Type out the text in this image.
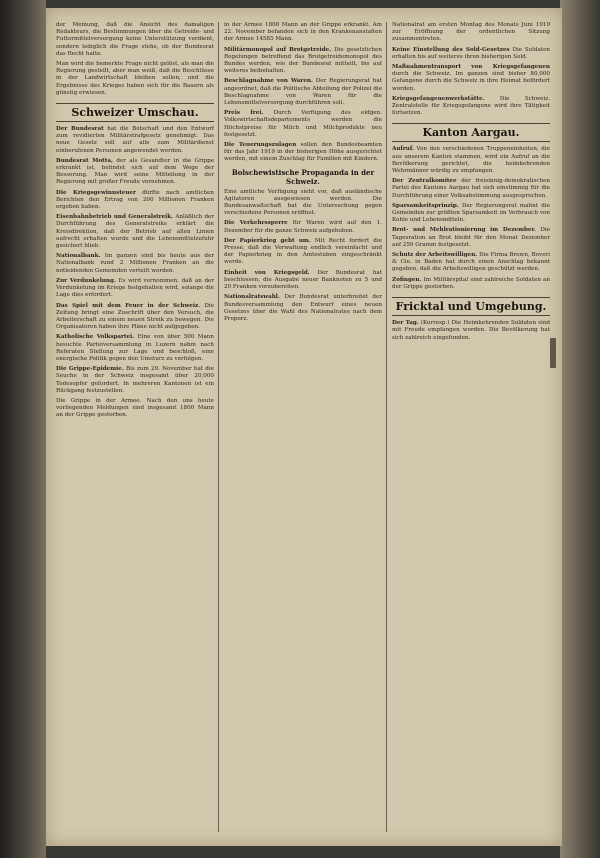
der Meinung, daß die Ansicht des damaligen Redakteurs, die Bestimmungen über die Getreide- und Futtermittelversorgung keine Unterstützung verdient, sondern lediglich die Frage stehe, ob der Bundesrat das Recht hatte.

Man wird die bemerkte Frage nicht gelöst, als man die Regierung gestellt, aber man weiß, daß die Beschlüsse in der Landwirtschaft bleiben sollen, und die Ergebnisse des Krieges haben sich für die Bauern als günstig erwiesen.

Schweizer Umschau.

Der Bundesrat hat die Botschaft und den Entwurf zum revidierten Militärstrafgesetz genehmigt. Das neue Gesetz soll auf alle zum Militärdienst einberufenen Personen angewendet werden.

Bundesrat Motta, der als Gesandter in die Grippe erkrankt ist, befindet sich auf dem Wege der Besserung. Man wird seine Mitteilung in der Regierung mit großer Freude vernehmen.

Die Kriegsgewinnsteuer dürfte nach amtlichen Berichten den Ertrag von 200 Millionen Franken ergeben haben.

Eisenbahnbetrieb und Generalstreik. Anläßlich der Durchführung des Generalstreiks erklärt die Kreisdirektion, daß der Betrieb auf allen Linien aufrecht erhalten wurde und die Lebensmittelzufuhr gesichert blieb.

Nationalbank. Im ganzen sind bis heute aus der Nationalbank rund 2 Millionen Franken an die notleidenden Gemeinden verteilt worden.

Zur Verdunkelung. Es wird vernommen, daß an der Verdunkelung im Kriege festgehalten wird, solange die Lage dies erfordert.

Das Spiel mit dem Feuer in der Schweiz. Die Zeitung bringt eine Zuschrift über den Versuch, die Arbeiterschaft zu einem neuen Streik zu bewegen. Die Organisatoren haben ihre Pläne nicht aufgegeben.

Katholische Volkspartei. Eine von über 500 Mann besuchte Parteiversammlung in Luzern nahm nach Referaten Stellung zur Lage und beschloß, eine energische Politik gegen den Umsturz zu verfolgen.

Die Grippe-Epidemie. Bis zum 29. November hat die Seuche in der Schweiz insgesamt über 20,000 Todesopfer gefordert. In mehreren Kantonen ist ein Rückgang festzustellen.

Die Grippe in der Armee. Nach den uns heute vorliegenden Meldungen sind insgesamt 1800 Mann an der Grippe gestorben.

in der Armee 1800 Mann an der Grippe erkrankt. Am 22. November befanden sich in den Krankenanstalten der Armee 14585 Mann.

Militärmonopol auf Brotgetreide. Die gesetzlichen Regelungen betreffend das Brotgetreidemonopol des Bundes werden, wie der Bundesrat mitteilt, bis auf weiteres beibehalten.

Beschlagnahme von Waren. Der Regierungsrat hat angeordnet, daß die Politische Abteilung der Polizei die Beschlagnahme von Waren für die Lebensmittelversorgung durchführen soll.

Preis frei. Durch Verfügung des eidgen. Volkswirtschaftsdepartements werden die Höchstpreise für Milch und Milchprodukte neu festgesetzt.

Die Teuerungszulagen sollen den Bundesbeamten für das Jahr 1919 in der bisherigen Höhe ausgerichtet werden, mit einem Zuschlag für Familien mit Kindern.

Bolschewistische Propaganda in der Schweiz.

Eine amtliche Verfügung sieht vor, daß ausländische Agitatoren ausgewiesen werden. Die Bundesanwaltschaft hat die Untersuchung gegen verschiedene Personen eröffnet.

Die Verkehrssperre für Waren wird auf den 1. Dezember für die ganze Schweiz aufgehoben.

Der Papierkrieg geht um. Mit Recht fordert die Presse, daß die Verwaltung endlich vereinfacht und der Papierkrieg in den Amtsstuben eingeschränkt werde.

Einheit von Kriegsgeld. Der Bundesrat hat beschlossen, die Ausgabe neuer Banknoten zu 5 und 20 Franken vorzubereiten.

Nationalratswahl. Der Bundesrat unterbreitet der Bundesversammlung den Entwurf eines neuen Gesetzes über die Wahl des Nationalrates nach dem Proporz.

Nationalrat am ersten Montag des Monats Juni 1919 zur Eröffnung der ordentlichen Sitzung zusammentreten.

Keine Einstellung des Sold-Gesetzes Die Soldaten erhalten bis auf weiteres ihren bisherigen Sold.

Maßnahmentransport von Kriegsgefangenen durch die Schweiz. Im ganzen sind bisher 80,000 Gefangene durch die Schweiz in ihre Heimat befördert worden.

Kriegsgefangenenwerkstätte.	Die Schweiz. Zentralstelle für Kriegsgefangene wird ihre Tätigkeit fortsetzen.

Kanton Aargau.

Aufruf. Von den verschiedenen Truppeneinheiten, die aus unserem Kanton stammen, wird ein Aufruf an die Bevölkerung gerichtet, die heimkehrenden Wehrmänner würdig zu empfangen.

Der Zentralkomitee der freisinnig-demokratischen Partei des Kantons Aargau hat sich einstimmig für die Durchführung einer Volksabstimmung ausgesprochen.

Sparsamkeitsprinzip. Der Regierungsrat mahnt die Gemeinden zur größten Sparsamkeit im Verbrauch von Kohle und Lebensmitteln.

Brot- und Mehlrationierung im Dezember. Die Tagesration an Brot bleibt für den Monat Dezember auf 250 Gramm festgesetzt.

Schutz der Arbeitswilligen. Die Firma Brown, Boveri & Cie. in Baden hat durch einen Anschlag bekannt gegeben, daß die Arbeitswilligen geschützt werden.

Zofingen. Im Militärspital sind zahlreiche Soldaten an der Grippe gestorben.

Fricktal und Umgebung.

Der Tag. (Korresp.) Die Heimkehrenden Soldaten sind mit Freude empfangen worden. Die Bevölkerung hat sich zahlreich eingefunden.
